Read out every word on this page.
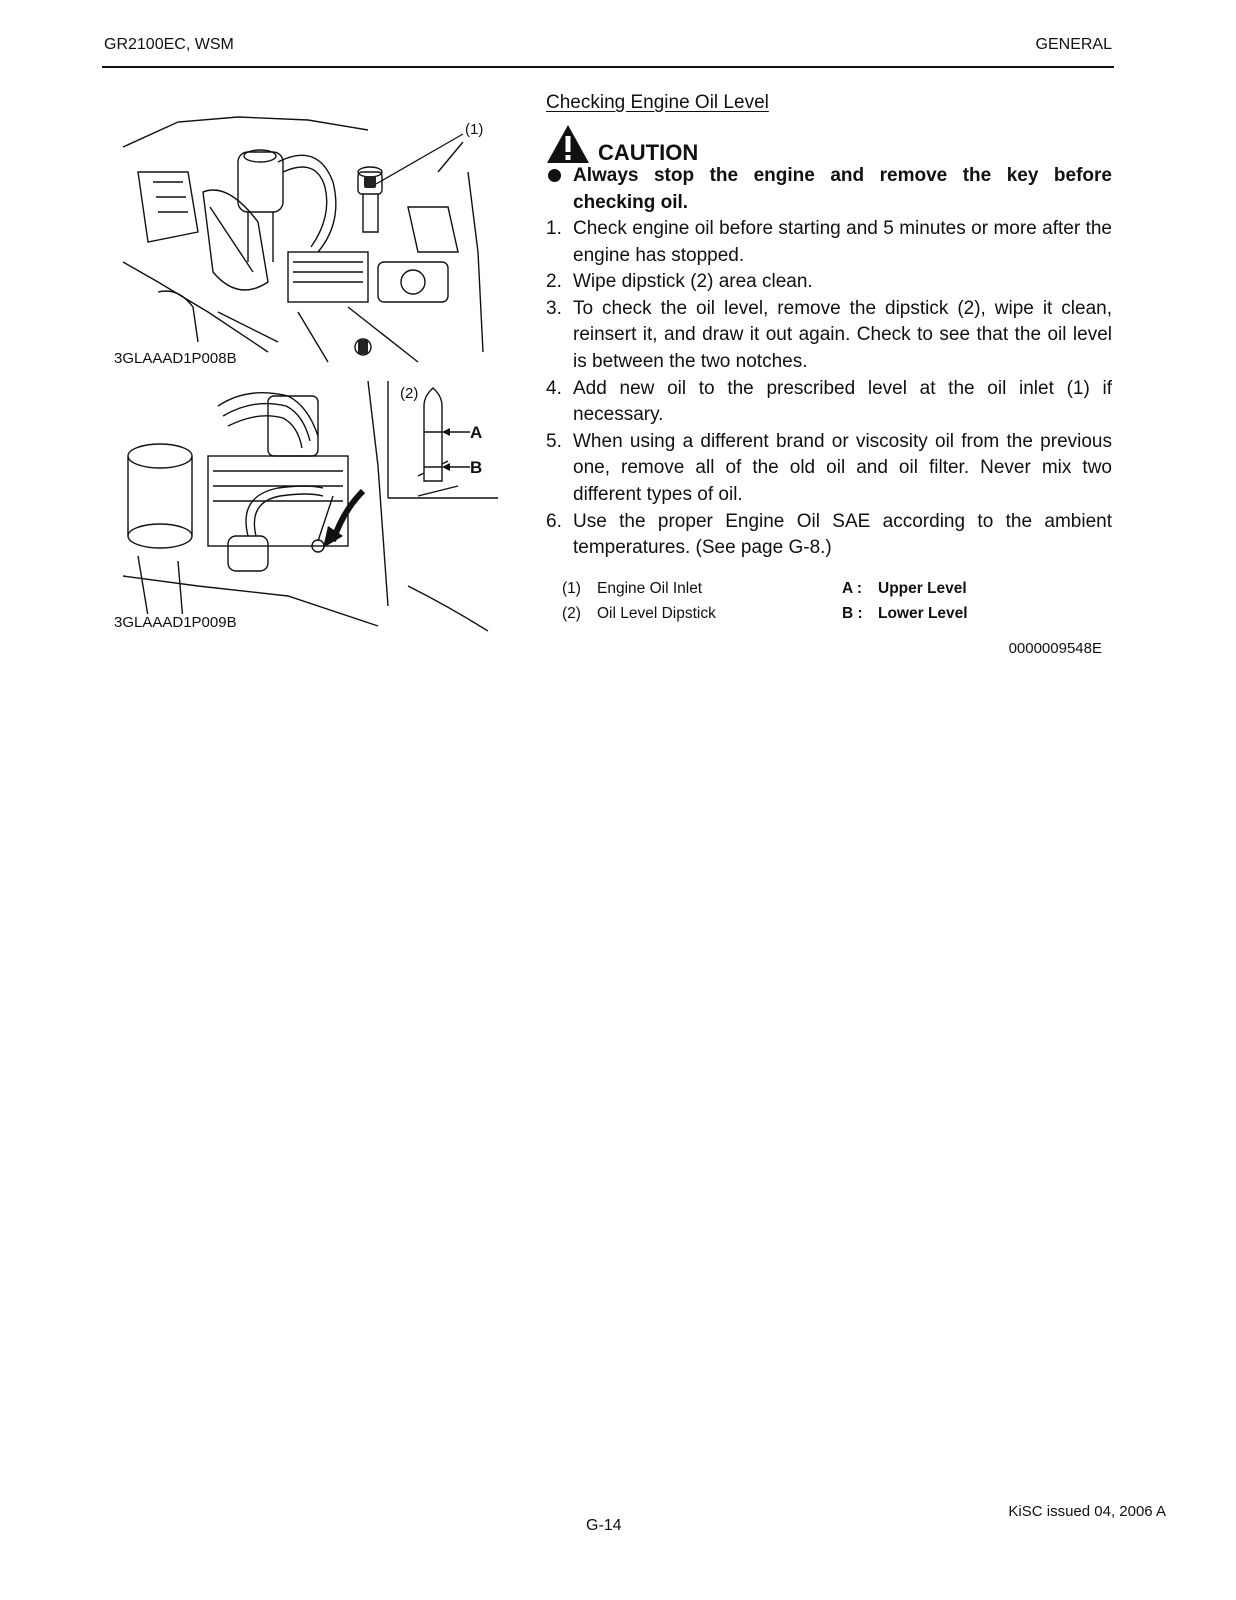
GR2100EC, WSM	GENERAL
(1)
3GLAAAD1P008B
(2)
A
B
3GLAAAD1P009B
Checking Engine Oil Level
CAUTION
Always stop the engine and remove the key before checking oil.
1. Check engine oil before starting and 5 minutes or more after the engine has stopped.
2. Wipe dipstick (2) area clean.
3. To check the oil level, remove the dipstick (2), wipe it clean, reinsert it, and draw it out again. Check to see that the oil level is between the two notches.
4. Add new oil to the prescribed level at the oil inlet (1) if necessary.
5. When using a different brand or viscosity oil from the previous one, remove all of the old oil and oil filter. Never mix two different types of oil.
6. Use the proper Engine Oil SAE according to the ambient temperatures. (See page G-8.)
(1)	Engine Oil Inlet	A :	Upper Level
(2)	Oil Level Dipstick	B : Lower Level
0000009548E
G-14
KiSC issued 04, 2006 A
